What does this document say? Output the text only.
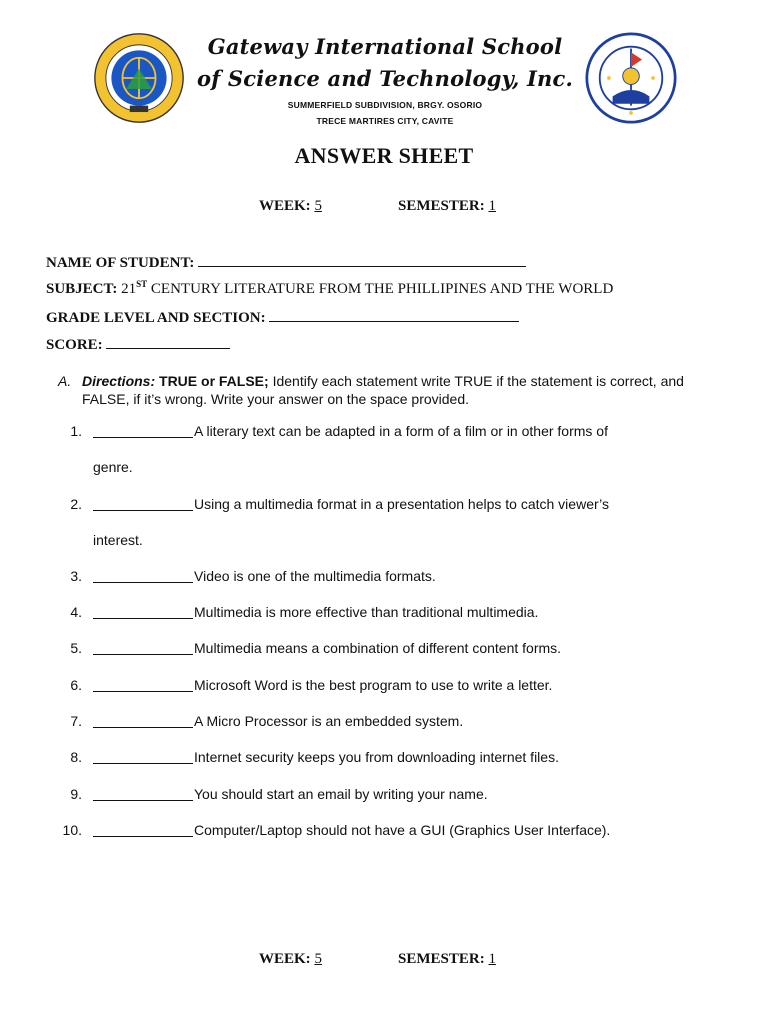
Gateway International School
of Science and Technology, Inc.
SUMMERFIELD SUBDIVISION, BRGY. OSORIO
TRECE MARTIRES CITY, CAVITE
ANSWER SHEET
WEEK: 5	SEMESTER: 1
NAME OF STUDENT:
SUBJECT: 21ST CENTURY LITERATURE FROM THE PHILLIPINES AND THE WORLD
GRADE LEVEL AND SECTION:
SCORE:
A. Directions: TRUE or FALSE; Identify each statement write TRUE if the statement is correct, and FALSE, if it’s wrong. Write your answer on the space provided.
1.	A literary text can be adapted in a form of a film or in other forms of
genre.
2.	Using a multimedia format in a presentation helps to catch viewer’s
interest.
3.	Video is one of the multimedia formats.
4.	Multimedia is more effective than traditional multimedia.
5.	Multimedia means a combination of different content forms.
6.	Microsoft Word is the best program to use to write a letter.
7.	A Micro Processor is an embedded system.
8.	Internet security keeps you from downloading internet files.
9.	You should start an email by writing your name.
10.	Computer/Laptop should not have a GUI (Graphics User Interface).
WEEK: 5	SEMESTER: 1
